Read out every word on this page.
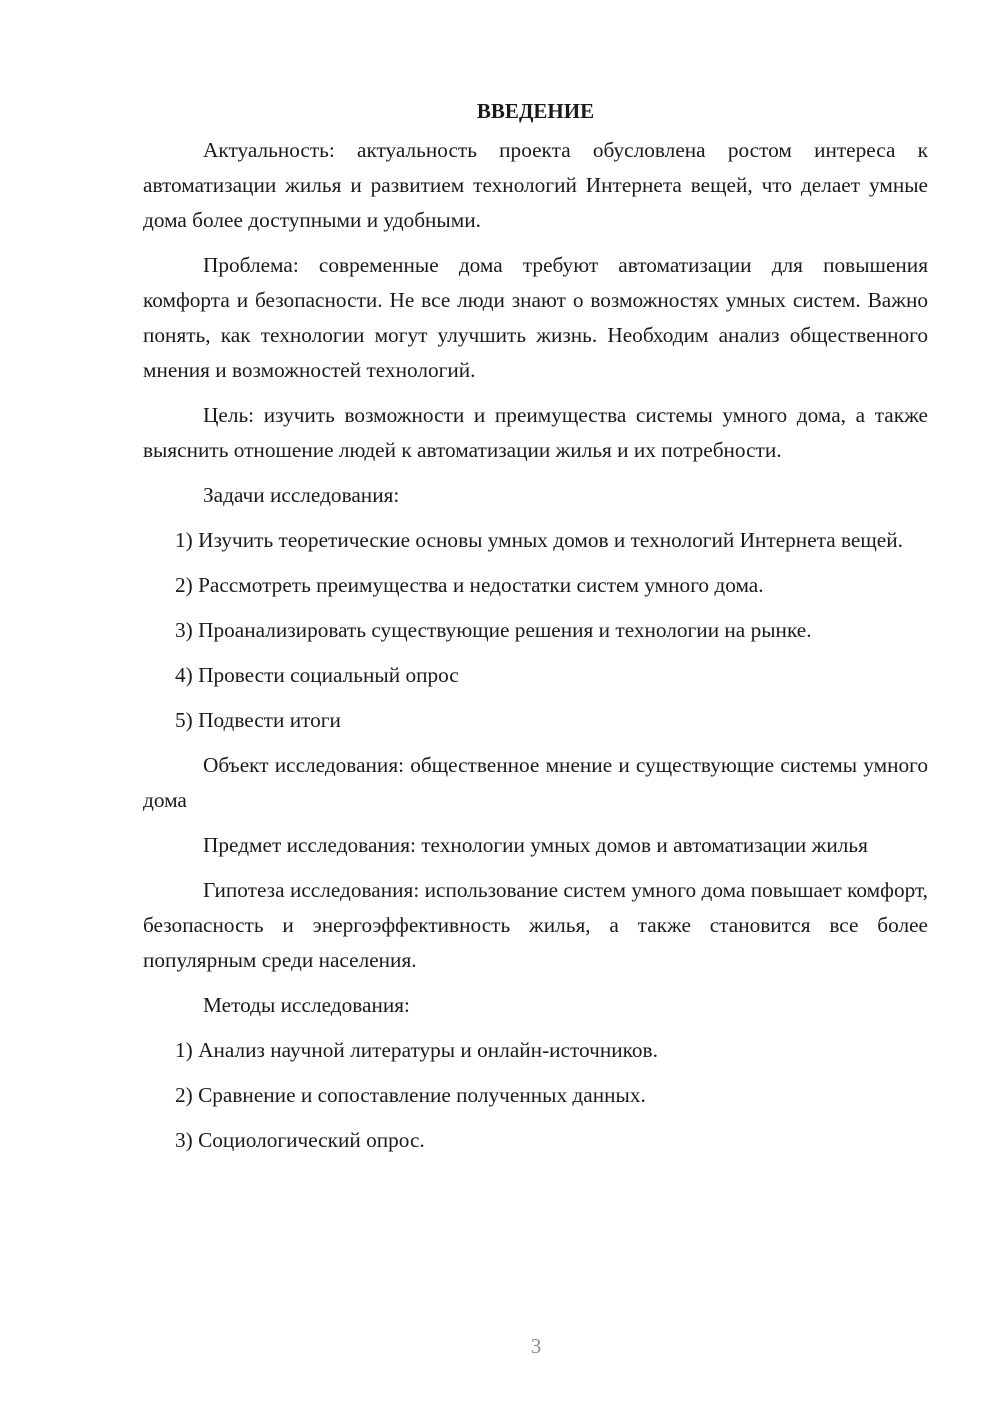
ВВЕДЕНИЕ

Актуальность: актуальность проекта обусловлена ростом интереса к автоматизации жилья и развитием технологий Интернета вещей, что делает умные дома более доступными и удобными.

Проблема: современные дома требуют автоматизации для повышения комфорта и безопасности. Не все люди знают о возможностях умных систем. Важно понять, как технологии могут улучшить жизнь. Необходим анализ общественного мнения и возможностей технологий.

Цель: изучить возможности и преимущества системы умного дома, а также выяснить отношение людей к автоматизации жилья и их потребности.

Задачи исследования:

1) Изучить теоретические основы умных домов и технологий Интернета вещей.

2) Рассмотреть преимущества и недостатки систем умного дома.

3) Проанализировать существующие решения и технологии на рынке.

4) Провести социальный опрос

5) Подвести итоги

Объект исследования: общественное мнение и существующие системы умного дома

Предмет исследования: технологии умных домов и автоматизации жилья

Гипотеза исследования: использование систем умного дома повышает комфорт, безопасность и энергоэффективность жилья, а также становится все более популярным среди населения.

Методы исследования:

1) Анализ научной литературы и онлайн-источников.

2) Сравнение и сопоставление полученных данных.

3) Социологический опрос.

3
